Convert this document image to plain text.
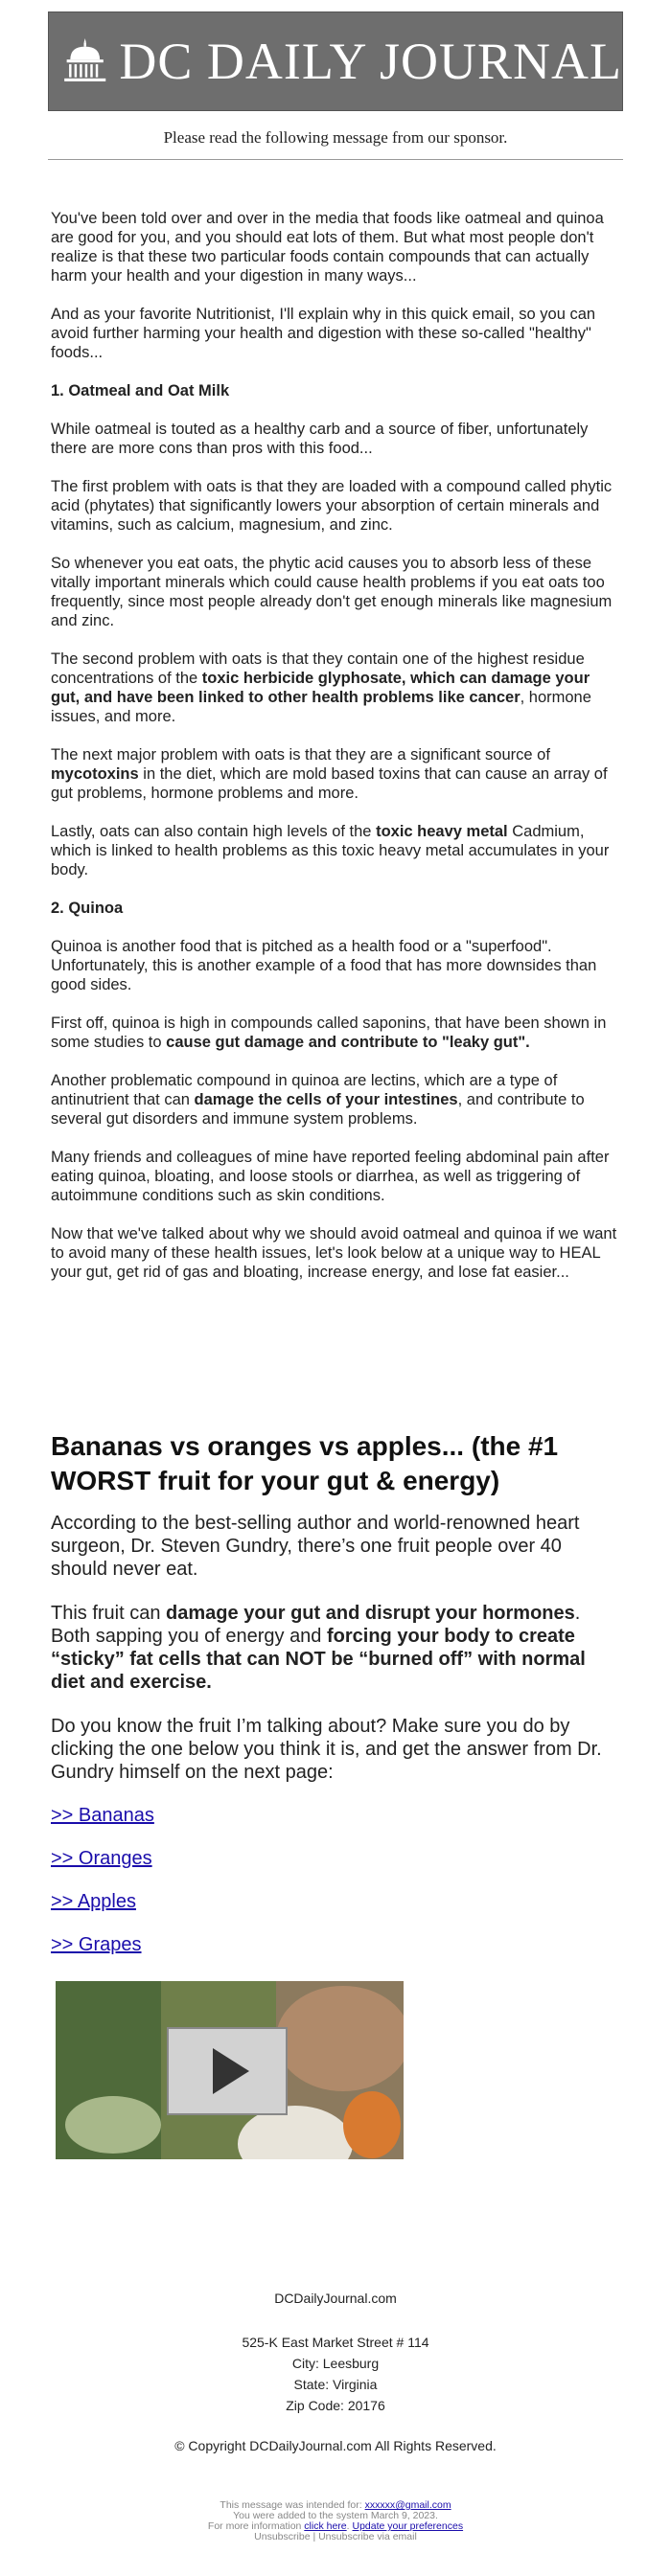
DC DAILY JOURNAL
Please read the following message from our sponsor.

You've been told over and over in the media that foods like oatmeal and quinoa are good for you, and you should eat lots of them. But what most people don't realize is that these two particular foods contain compounds that can actually harm your health and your digestion in many ways...

And as your favorite Nutritionist, I'll explain why in this quick email, so you can avoid further harming your health and digestion with these so-called "healthy" foods...

1. Oatmeal and Oat Milk

While oatmeal is touted as a healthy carb and a source of fiber, unfortunately there are more cons than pros with this food...

The first problem with oats is that they are loaded with a compound called phytic acid (phytates) that significantly lowers your absorption of certain minerals and vitamins, such as calcium, magnesium, and zinc.

So whenever you eat oats, the phytic acid causes you to absorb less of these vitally important minerals which could cause health problems if you eat oats too frequently, since most people already don't get enough minerals like magnesium and zinc.

The second problem with oats is that they contain one of the highest residue concentrations of the toxic herbicide glyphosate, which can damage your gut, and have been linked to other health problems like cancer, hormone issues, and more.

The next major problem with oats is that they are a significant source of mycotoxins in the diet, which are mold based toxins that can cause an array of gut problems, hormone problems and more.

Lastly, oats can also contain high levels of the toxic heavy metal Cadmium, which is linked to health problems as this toxic heavy metal accumulates in your body.

2. Quinoa

Quinoa is another food that is pitched as a health food or a "superfood". Unfortunately, this is another example of a food that has more downsides than good sides.

First off, quinoa is high in compounds called saponins, that have been shown in some studies to cause gut damage and contribute to "leaky gut".

Another problematic compound in quinoa are lectins, which are a type of antinutrient that can damage the cells of your intestines, and contribute to several gut disorders and immune system problems.

Many friends and colleagues of mine have reported feeling abdominal pain after eating quinoa, bloating, and loose stools or diarrhea, as well as triggering of autoimmune conditions such as skin conditions.

Now that we've talked about why we should avoid oatmeal and quinoa if we want to avoid many of these health issues, let's look below at a unique way to HEAL your gut, get rid of gas and bloating, increase energy, and lose fat easier...

Bananas vs oranges vs apples... (the #1 WORST fruit for your gut & energy)

According to the best-selling author and world-renowned heart surgeon, Dr. Steven Gundry, there’s one fruit people over 40 should never eat.

This fruit can damage your gut and disrupt your hormones. Both sapping you of energy and forcing your body to create “sticky” fat cells that can NOT be “burned off” with normal diet and exercise.

Do you know the fruit I’m talking about? Make sure you do by clicking the one below you think it is, and get the answer from Dr. Gundry himself on the next page:

>> Bananas
>> Oranges
>> Apples
>> Grapes
DCDailyJournal.com
525-K East Market Street # 114
City: Leesburg
State: Virginia
Zip Code: 20176
© Copyright DCDailyJournal.com All Rights Reserved.
This message was intended for: xxxxxx@gmail.com
You were added to the system March 9, 2023.
For more information click here. Update your preferences
Unsubscribe | Unsubscribe via email
